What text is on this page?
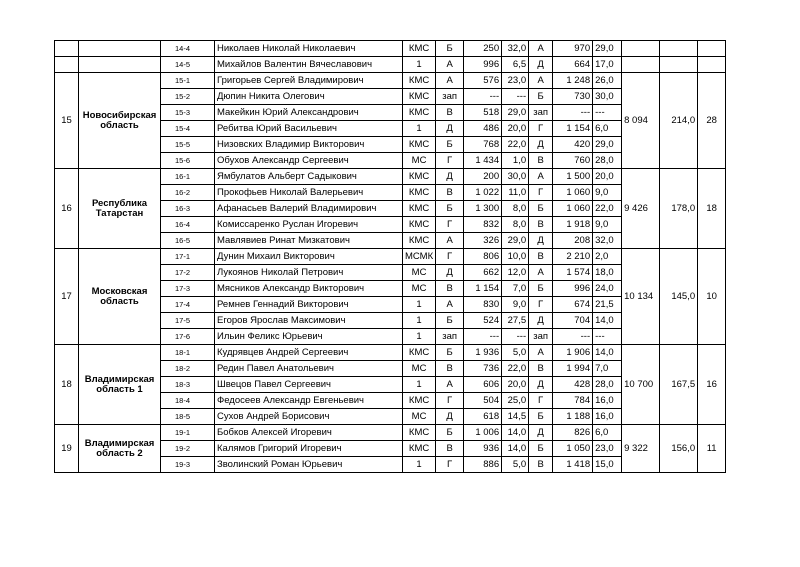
		14-4	Николаев Николай Николаевич	КМС	Б	250	32,0	А	970	29,0			
		14-5	Михайлов Валентин Вячеславович	1	А	996	6,5	Д	664	17,0			
15	Новосибирская область	15-1	Григорьев Сергей Владимирович	КМС	А	576	23,0	А	1 248	26,0	8 094	214,0	28
		15-2	Дюпин Никита Олегович	КМС	зап	---	---	Б	730	30,0			
		15-3	Макейкин Юрий Александрович	КМС	В	518	29,0	зап	---	---			
		15-4	Ребитва Юрий Васильевич	1	Д	486	20,0	Г	1 154	6,0			
		15-5	Низовских Владимир Викторович	КМС	Б	768	22,0	Д	420	29,0			
		15-6	Обухов Александр Сергеевич	МС	Г	1 434	1,0	В	760	28,0			
16	Республика Татарстан	16-1	Ямбулатов Альберт Садыкович	КМС	Д	200	30,0	А	1 500	20,0	9 426	178,0	18
		16-2	Прокофьев Николай Валерьевич	КМС	В	1 022	11,0	Г	1 060	9,0			
		16-3	Афанасьев Валерий Владимирович	КМС	Б	1 300	8,0	Б	1 060	22,0			
		16-4	Комиссаренко Руслан Игоревич	КМС	Г	832	8,0	В	1 918	9,0			
		16-5	Мавлявиев Ринат Мизкатович	КМС	А	326	29,0	Д	208	32,0			
17	Московская область	17-1	Дунин Михаил Викторович	МСМК	Г	806	10,0	В	2 210	2,0	10 134	145,0	10
		17-2	Лукоянов Николай Петрович	МС	Д	662	12,0	А	1 574	18,0			
		17-3	Мясников Александр Викторович	МС	В	1 154	7,0	Б	996	24,0			
		17-4	Ремнев Геннадий Викторович	1	А	830	9,0	Г	674	21,5			
		17-5	Егоров Ярослав Максимович	1	Б	524	27,5	Д	704	14,0			
		17-6	Ильин Феликс Юрьевич	1	зап	---	---	зап	---	---			
18	Владимирская область 1	18-1	Кудрявцев Андрей Сергеевич	КМС	Б	1 936	5,0	А	1 906	14,0	10 700	167,5	16
		18-2	Редин Павел Анатольевич	МС	В	736	22,0	В	1 994	7,0			
		18-3	Швецов Павел Сергеевич	1	А	606	20,0	Д	428	28,0			
		18-4	Федосеев Александр Евгеньевич	КМС	Г	504	25,0	Г	784	16,0			
		18-5	Сухов Андрей Борисович	МС	Д	618	14,5	Б	1 188	16,0			
19	Владимирская область 2	19-1	Бобков Алексей Игоревич	КМС	Б	1 006	14,0	Д	826	6,0	9 322	156,0	11
		19-2	Калямов Григорий Игоревич	КМС	В	936	14,0	Б	1 050	23,0			
		19-3	Зволинский Роман Юрьевич	1	Г	886	5,0	В	1 418	15,0			
